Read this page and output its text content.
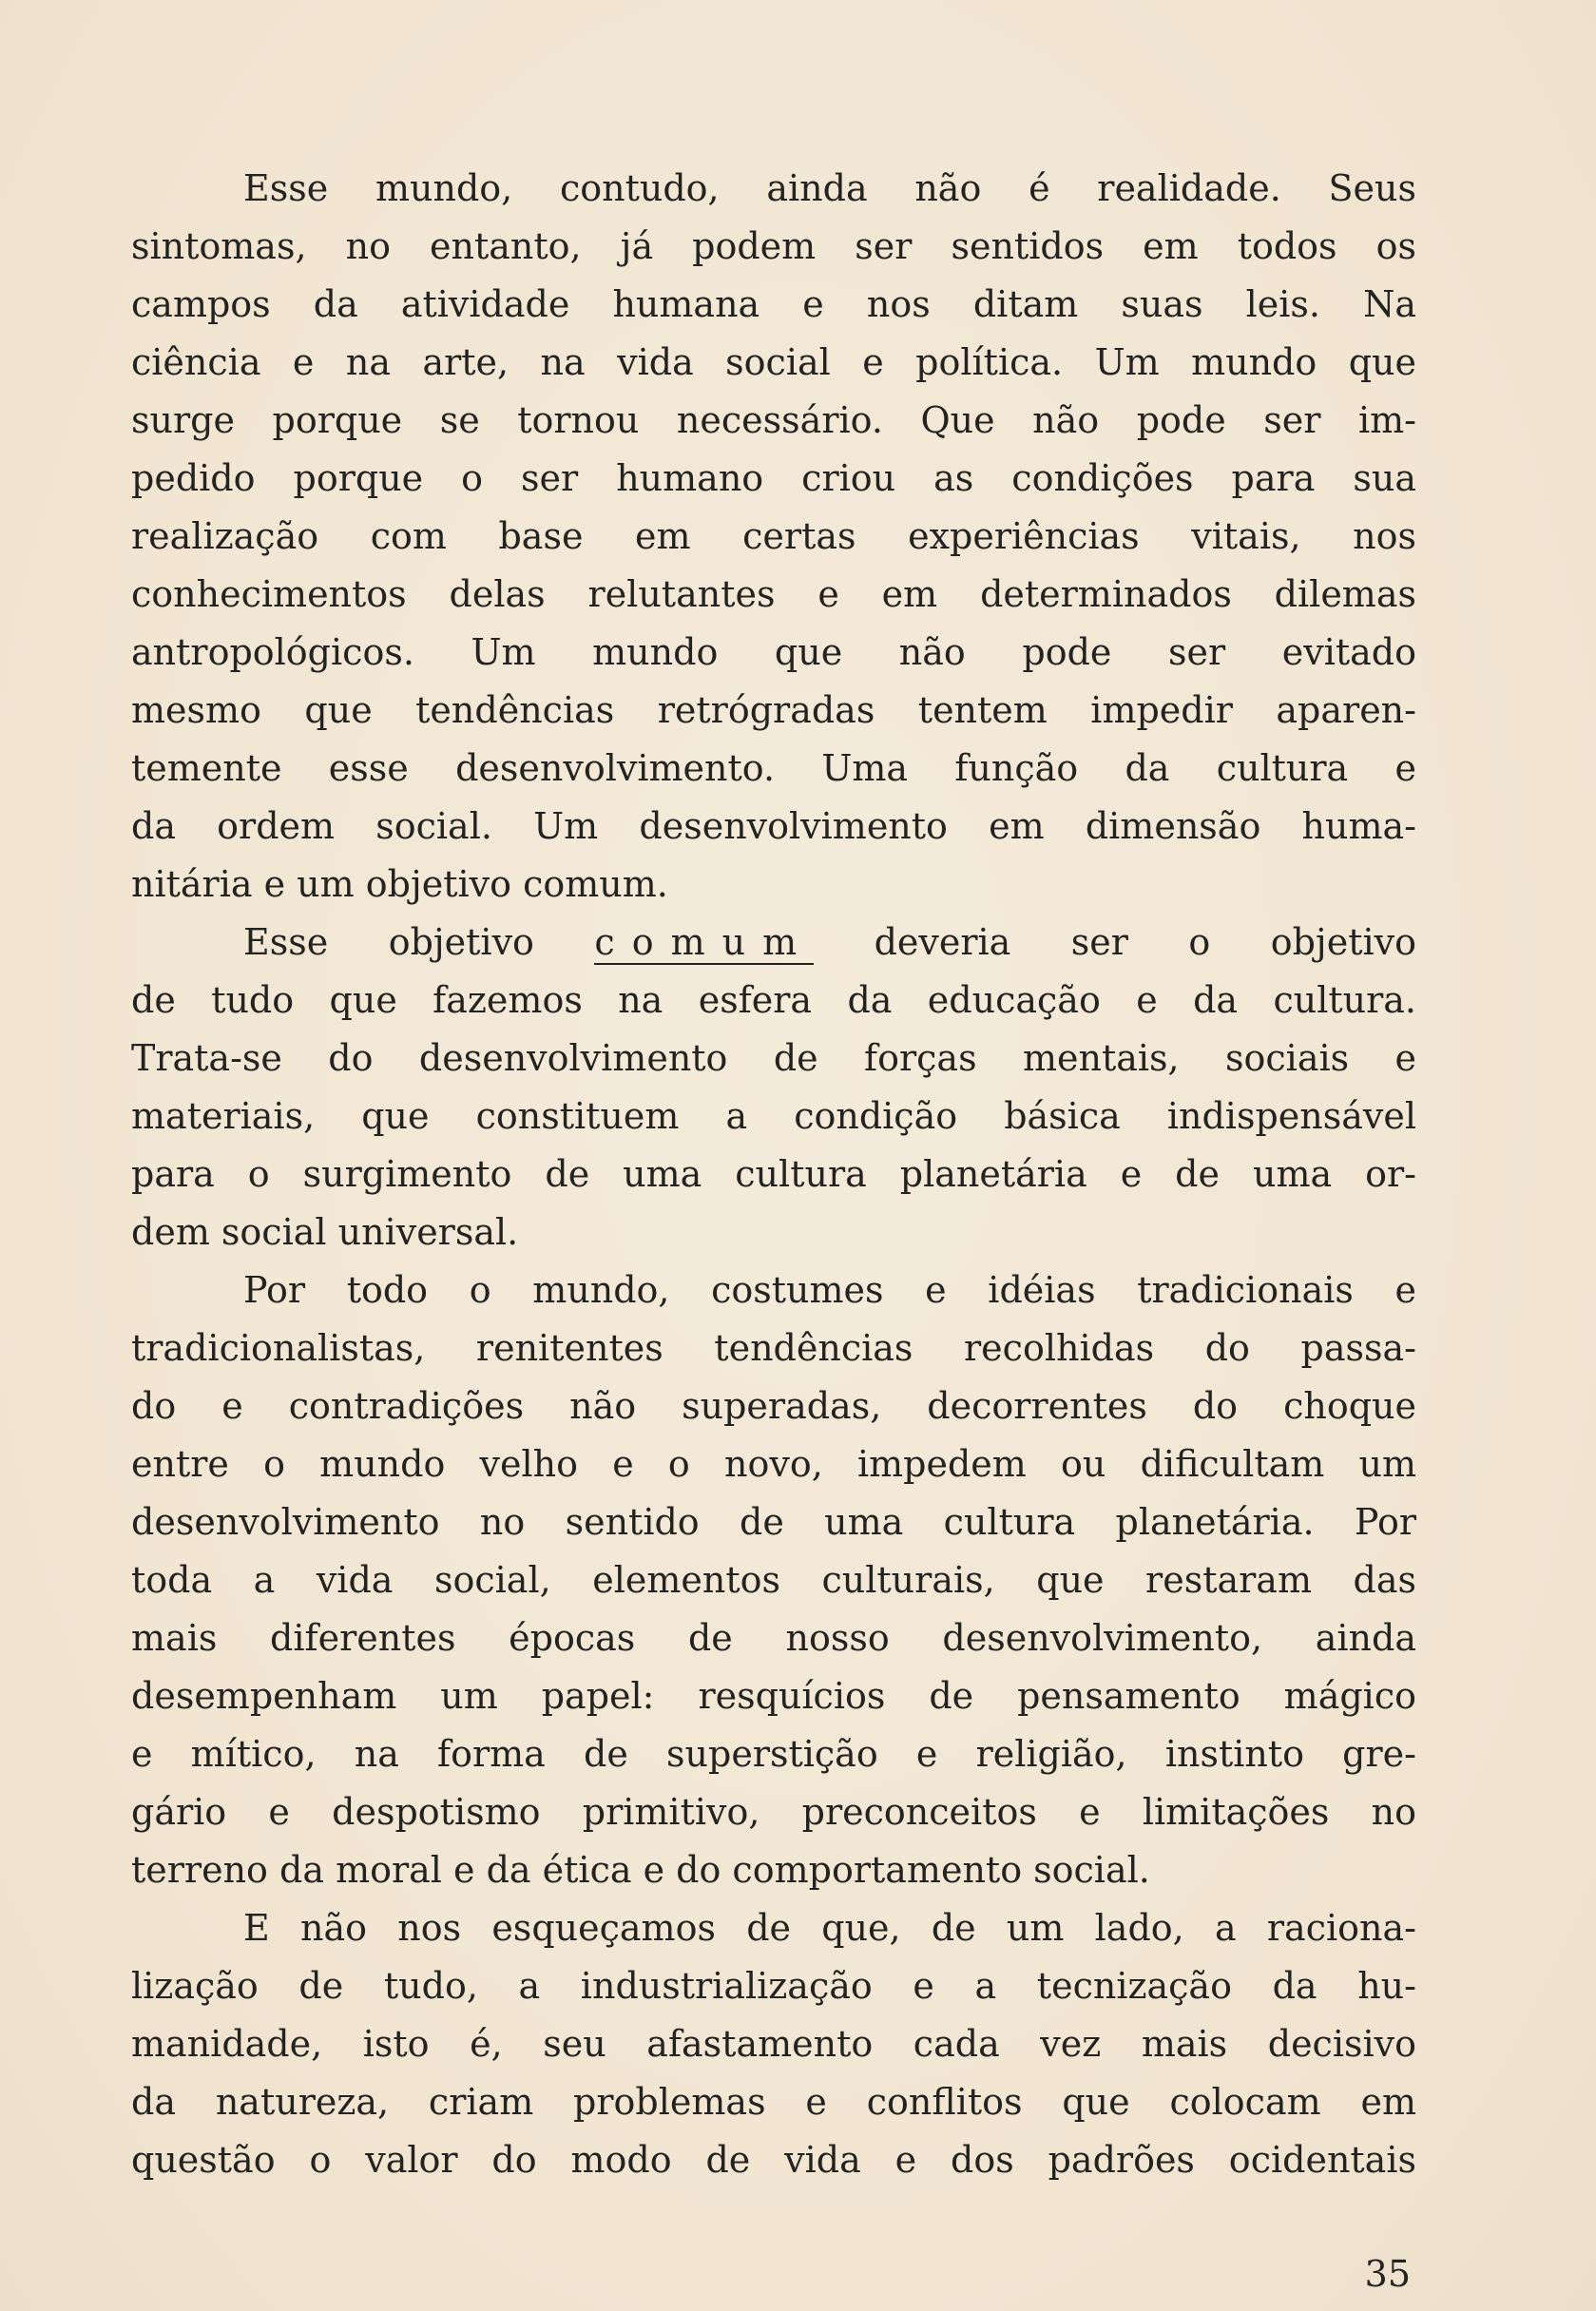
Esse mundo, contudo, ainda não é realidade. Seus
sintomas, no entanto, já podem ser sentidos em todos os
campos da atividade humana e nos ditam suas leis. Na
ciência e na arte, na vida social e política. Um mundo que
surge porque se tornou necessário. Que não pode ser im-
pedido porque o ser humano criou as condições para sua
realização com base em certas experiências vitais, nos
conhecimentos delas relutantes e em determinados dilemas
antropológicos. Um mundo que não pode ser evitado
mesmo que tendências retrógradas tentem impedir aparen-
temente esse desenvolvimento. Uma função da cultura e
da ordem social. Um desenvolvimento em dimensão huma-
nitária e um objetivo comum.
Esse objetivo comum deveria ser o objetivo
de tudo que fazemos na esfera da educação e da cultura.
Trata-se do desenvolvimento de forças mentais, sociais e
materiais, que constituem a condição básica indispensável
para o surgimento de uma cultura planetária e de uma or-
dem social universal.
Por todo o mundo, costumes e idéias tradicionais e
tradicionalistas, renitentes tendências recolhidas do passa-
do e contradições não superadas, decorrentes do choque
entre o mundo velho e o novo, impedem ou dificultam um
desenvolvimento no sentido de uma cultura planetária. Por
toda a vida social, elementos culturais, que restaram das
mais diferentes épocas de nosso desenvolvimento, ainda
desempenham um papel: resquícios de pensamento mágico
e mítico, na forma de superstição e religião, instinto gre-
gário e despotismo primitivo, preconceitos e limitações no
terreno da moral e da ética e do comportamento social.
E não nos esqueçamos de que, de um lado, a raciona-
lização de tudo, a industrialização e a tecnização da hu-
manidade, isto é, seu afastamento cada vez mais decisivo
da natureza, criam problemas e conflitos que colocam em
questão o valor do modo de vida e dos padrões ocidentais
35
